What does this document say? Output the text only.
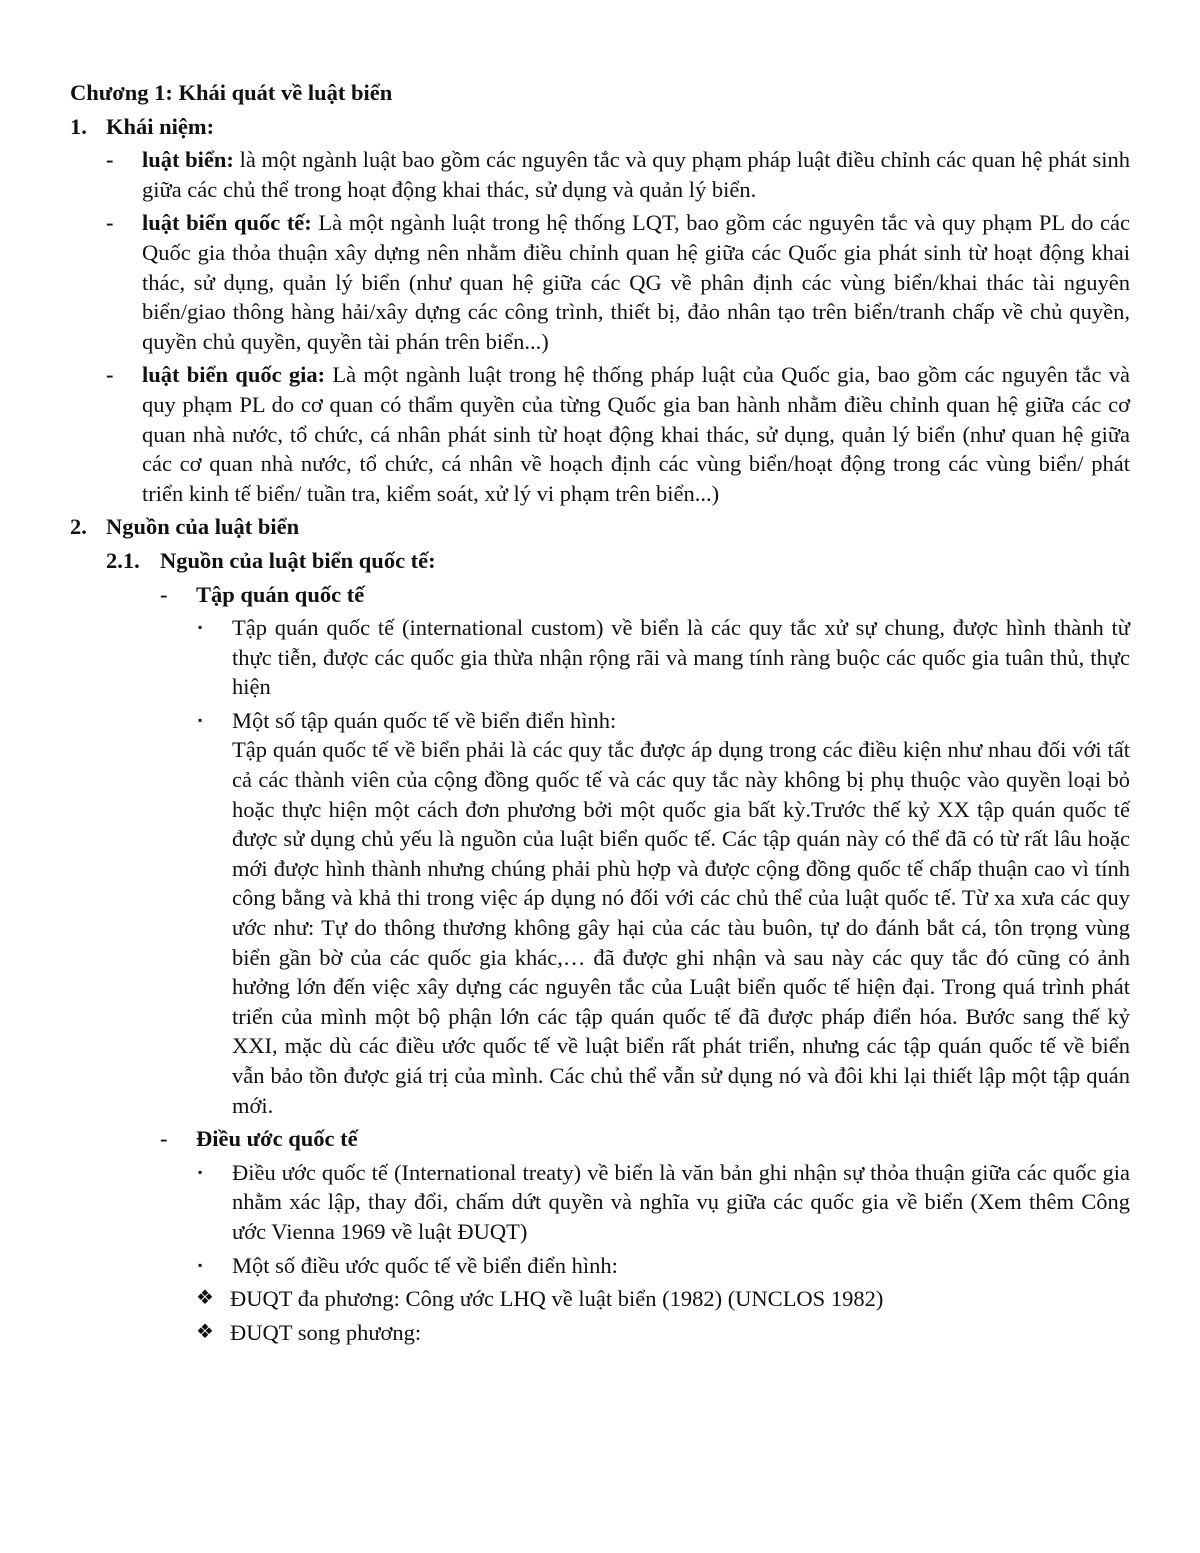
Chương 1: Khái quát về luật biển

1. Khái niệm:
-	luật biển: là một ngành luật bao gồm các nguyên tắc và quy phạm pháp luật điều chỉnh các quan hệ phát sinh giữa các chủ thể trong hoạt động khai thác, sử dụng và quản lý biển.

-	luật biển quốc tế: Là một ngành luật trong hệ thống LQT, bao gồm các nguyên tắc và quy phạm PL do các Quốc gia thỏa thuận xây dựng nên nhằm điều chỉnh quan hệ giữa các Quốc gia phát sinh từ hoạt động khai thác, sử dụng, quản lý biển (như quan hệ giữa các QG về phân định các vùng biển/khai thác tài nguyên biển/giao thông hàng hải/xây dựng các công trình, thiết bị, đảo nhân tạo trên biển/tranh chấp về chủ quyền, quyền chủ quyền, quyền tài phán trên biển...)

-	luật biển quốc gia: Là một ngành luật trong hệ thống pháp luật của Quốc gia, bao gồm các nguyên tắc và quy phạm PL do cơ quan có thẩm quyền của từng Quốc gia ban hành nhằm điều chỉnh quan hệ giữa các cơ quan nhà nước, tổ chức, cá nhân phát sinh từ hoạt động khai thác, sử dụng, quản lý biển (như quan hệ giữa các cơ quan nhà nước, tổ chức, cá nhân về hoạch định các vùng biển/hoạt động trong các vùng biển/ phát triển kinh tế biển/ tuần tra, kiểm soát, xử lý vi phạm trên biển...)

2. Nguồn của luật biển
2.1. Nguồn của luật biển quốc tế:
-	Tập quán quốc tế
▪	Tập quán quốc tế (international custom) về biển là các quy tắc xử sự chung, được hình thành từ thực tiễn, được các quốc gia thừa nhận rộng rãi và mang tính ràng buộc các quốc gia tuân thủ, thực hiện

▪	Một số tập quán quốc tế về biển điển hình:

Tập quán quốc tế về biển phải là các quy tắc được áp dụng trong các điều kiện như nhau đối với tất cả các thành viên của cộng đồng quốc tế và các quy tắc này không bị phụ thuộc vào quyền loại bỏ hoặc thực hiện một cách đơn phương bởi một quốc gia bất kỳ.Trước thế kỷ XX tập quán quốc tế được sử dụng chủ yếu là nguồn của luật biển quốc tế. Các tập quán này có thể đã có từ rất lâu hoặc mới được hình thành nhưng chúng phải phù hợp và được cộng đồng quốc tế chấp thuận cao vì tính công bằng và khả thi trong việc áp dụng nó đối với các chủ thể của luật quốc tế. Từ xa xưa các quy ước như: Tự do thông thương không gây hại của các tàu buôn, tự do đánh bắt cá, tôn trọng vùng biển gần bờ của các quốc gia khác,… đã được ghi nhận và sau này các quy tắc đó cũng có ảnh hưởng lớn đến việc xây dựng các nguyên tắc của Luật biển quốc tế hiện đại. Trong quá trình phát triển của mình một bộ phận lớn các tập quán quốc tế đã được pháp điển hóa. Bước sang thế kỷ XXI, mặc dù các điều ước quốc tế về luật biển rất phát triển, nhưng các tập quán quốc tế về biển vẫn bảo tồn được giá trị của mình. Các chủ thể vẫn sử dụng nó và đôi khi lại thiết lập một tập quán mới.

-	Điều ước quốc tế
▪	Điều ước quốc tế (International treaty) về biển là văn bản ghi nhận sự thỏa thuận giữa các quốc gia nhằm xác lập, thay đổi, chấm dứt quyền và nghĩa vụ giữa các quốc gia về biển (Xem thêm Công ước Vienna 1969 về luật ĐUQT)

▪	Một số điều ước quốc tế về biển điển hình:

❖ ĐUQT đa phương: Công ước LHQ về luật biển (1982) (UNCLOS 1982)

❖ ĐUQT song phương:
